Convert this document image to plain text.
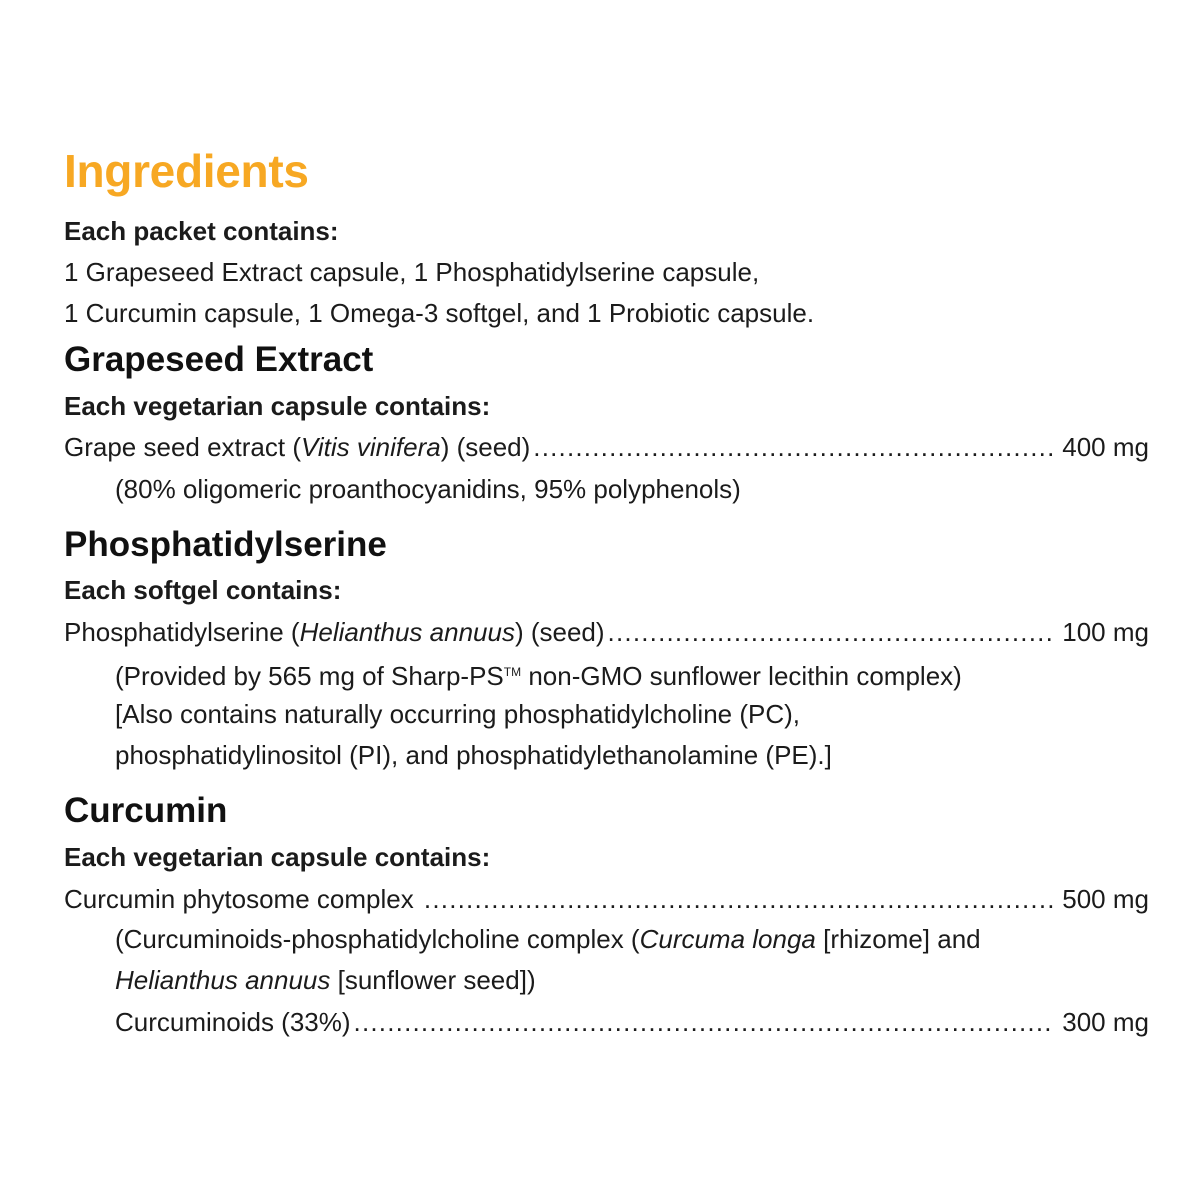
Ingredients
Each packet contains:
1 Grapeseed Extract capsule, 1 Phosphatidylserine capsule,
1 Curcumin capsule, 1 Omega-3 softgel, and 1 Probiotic capsule.
Grapeseed Extract
Each vegetarian capsule contains:
Grape seed extract (Vitis vinifera) (seed) .....	400 mg
(80% oligomeric proanthocyanidins, 95% polyphenols)
Phosphatidylserine
Each softgel contains:
Phosphatidylserine (Helianthus annuus) (seed) .....	100 mg
(Provided by 565 mg of Sharp-PS™ non-GMO sunflower lecithin complex)
[Also contains naturally occurring phosphatidylcholine (PC),
phosphatidylinositol (PI), and phosphatidylethanolamine (PE).]
Curcumin
Each vegetarian capsule contains:
Curcumin phytosome complex .....	500 mg
(Curcuminoids-phosphatidylcholine complex (Curcuma longa [rhizome] and
Helianthus annuus [sunflower seed])
Curcuminoids (33%) .....	300 mg
